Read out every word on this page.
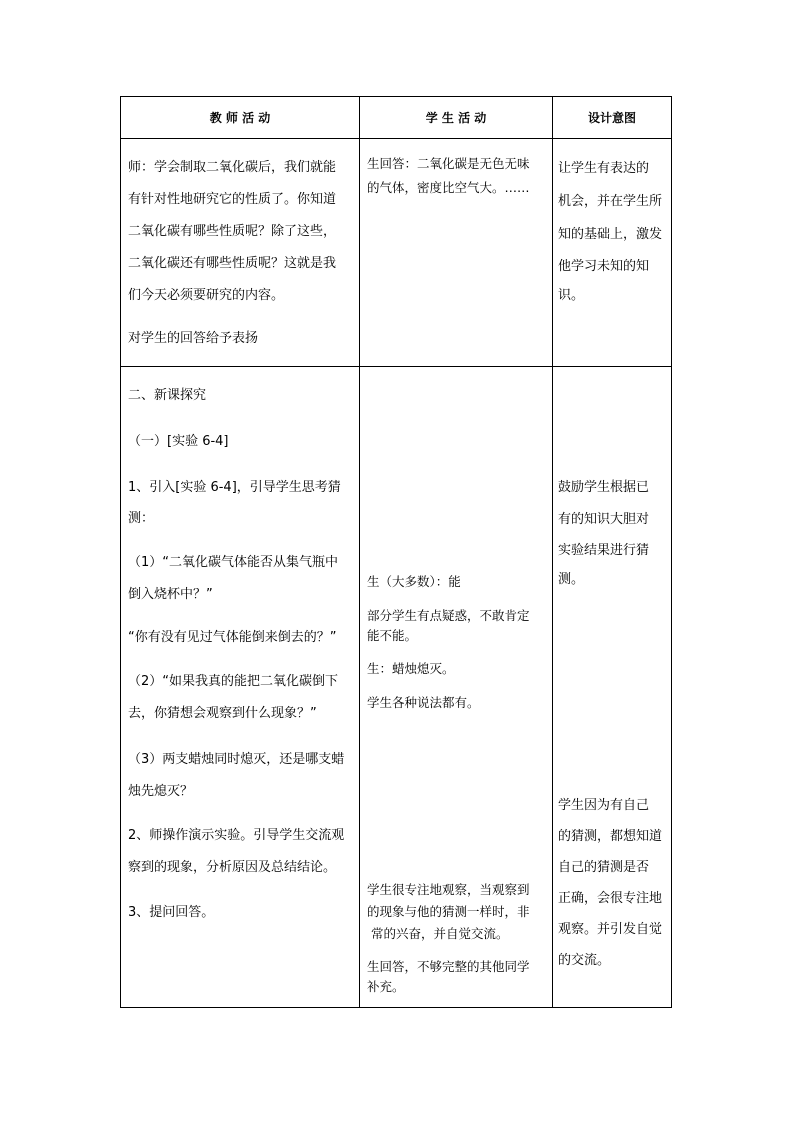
教 师 活 动	学 生 活 动	设计意图
师：学会制取二氧化碳后，我们就能
有针对性地研究它的性质了。你知道
二氧化碳有哪些性质呢？除了这些，
二氧化碳还有哪些性质呢？这就是我
们今天必须要研究的内容。
对学生的回答给予表扬
生回答：二氧化碳是无色无味
的气体，密度比空气大。……
让学生有表达的
机会，并在学生所
知的基础上，激发
他学习未知的知
识。
二、新课探究
（一）[实验 6-4]
1、引入[实验 6-4]，引导学生思考猜
测：
（1）“二氧化碳气体能否从集气瓶中
倒入烧杯中？”
“你有没有见过气体能倒来倒去的？”
（2）“如果我真的能把二氧化碳倒下
去，你猜想会观察到什么现象？”
（3）两支蜡烛同时熄灭，还是哪支蜡
烛先熄灭？
2、师操作演示实验。引导学生交流观
察到的现象，分析原因及总结结论。
3、提问回答。
生（大多数）：能
部分学生有点疑惑，不敢肯定
能不能。
生：蜡烛熄灭。
学生各种说法都有。
学生很专注地观察，当观察到
的现象与他的猜测一样时，非
常的兴奋，并自觉交流。
生回答，不够完整的其他同学
补充。
鼓励学生根据已
有的知识大胆对
实验结果进行猜
测。
学生因为有自己
的猜测，都想知道
自己的猜测是否
正确，会很专注地
观察。并引发自觉
的交流。
